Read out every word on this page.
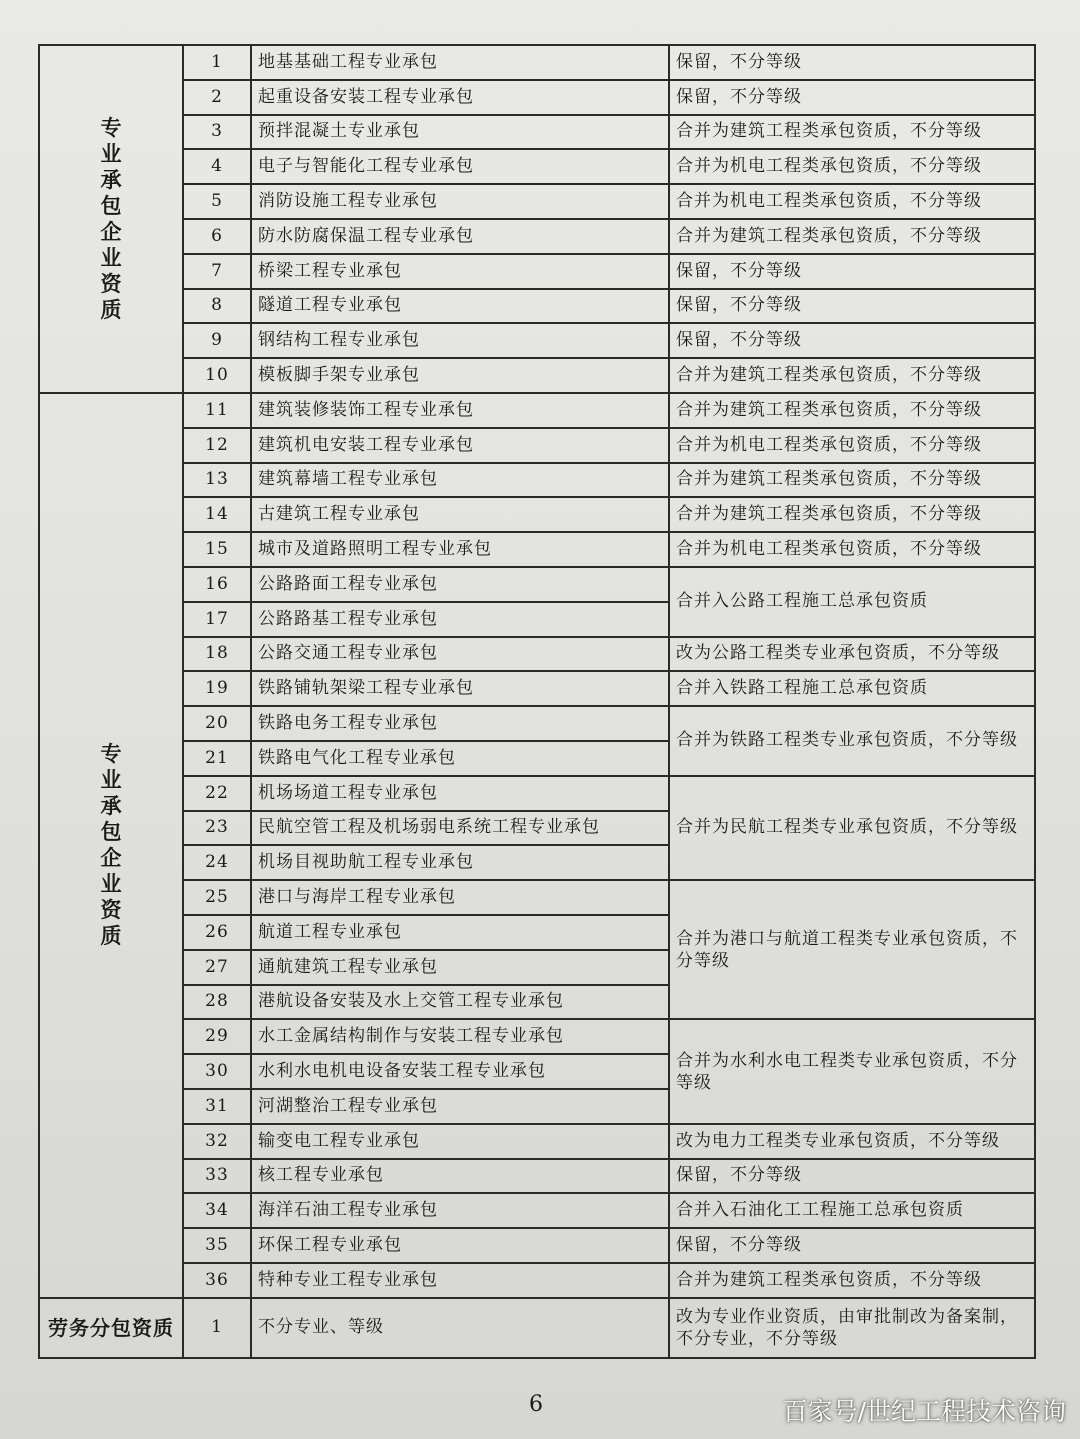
专业承包企业资质	1	地基基础工程专业承包	保留，不分等级
	2	起重设备安装工程专业承包	保留，不分等级
	3	预拌混凝土专业承包	合并为建筑工程类承包资质，不分等级
	4	电子与智能化工程专业承包	合并为机电工程类承包资质，不分等级
	5	消防设施工程专业承包	合并为机电工程类承包资质，不分等级
	6	防水防腐保温工程专业承包	合并为建筑工程类承包资质，不分等级
	7	桥梁工程专业承包	保留，不分等级
	8	隧道工程专业承包	保留，不分等级
	9	钢结构工程专业承包	保留，不分等级
	10	模板脚手架专业承包	合并为建筑工程类承包资质，不分等级
专业承包企业资质	11	建筑装修装饰工程专业承包	合并为建筑工程类承包资质，不分等级
	12	建筑机电安装工程专业承包	合并为机电工程类承包资质，不分等级
	13	建筑幕墙工程专业承包	合并为建筑工程类承包资质，不分等级
	14	古建筑工程专业承包	合并为建筑工程类承包资质，不分等级
	15	城市及道路照明工程专业承包	合并为机电工程类承包资质，不分等级
	16	公路路面工程专业承包	合并入公路工程施工总承包资质
	17	公路路基工程专业承包	
	18	公路交通工程专业承包	改为公路工程类专业承包资质，不分等级
	19	铁路铺轨架梁工程专业承包	合并入铁路工程施工总承包资质
	20	铁路电务工程专业承包	合并为铁路工程类专业承包资质，不分等级
	21	铁路电气化工程专业承包	
	22	机场场道工程专业承包	合并为民航工程类专业承包资质，不分等级
	23	民航空管工程及机场弱电系统工程专业承包	
	24	机场目视助航工程专业承包	
	25	港口与海岸工程专业承包	合并为港口与航道工程类专业承包资质，不分等级
	26	航道工程专业承包	
	27	通航建筑工程专业承包	
	28	港航设备安装及水上交管工程专业承包	
	29	水工金属结构制作与安装工程专业承包	合并为水利水电工程类专业承包资质，不分等级
	30	水利水电机电设备安装工程专业承包	
	31	河湖整治工程专业承包	
	32	输变电工程专业承包	改为电力工程类专业承包资质，不分等级
	33	核工程专业承包	保留，不分等级
	34	海洋石油工程专业承包	合并入石油化工工程施工总承包资质
	35	环保工程专业承包	保留，不分等级
	36	特种专业工程专业承包	合并为建筑工程类承包资质，不分等级
劳务分包资质	1	不分专业、等级	改为专业作业资质，由审批制改为备案制，不分专业，不分等级
6	百家号/世纪工程技术咨询
